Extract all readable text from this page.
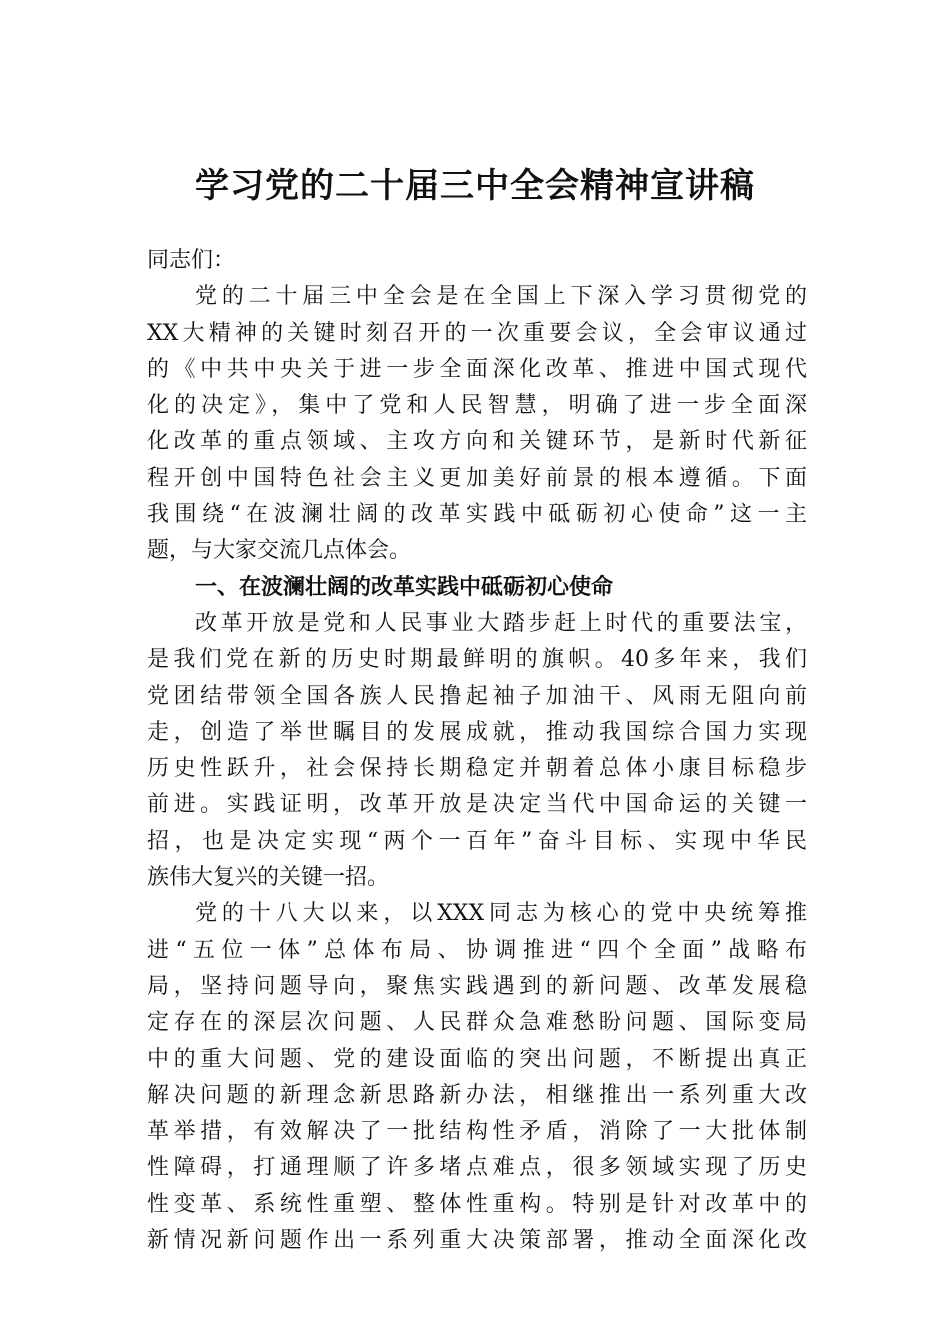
学习党的二十届三中全会精神宣讲稿
同志们：
党的二十届三中全会是在全国上下深入学习贯彻党的
XX大精神的关键时刻召开的一次重要会议，全会审议通过
的《中共中央关于进一步全面深化改革、推进中国式现代
化的决定》，集中了党和人民智慧，明确了进一步全面深
化改革的重点领域、主攻方向和关键环节，是新时代新征
程开创中国特色社会主义更加美好前景的根本遵循。下面
我围绕“在波澜壮阔的改革实践中砥砺初心使命”这一主
题，与大家交流几点体会。
一、在波澜壮阔的改革实践中砥砺初心使命
改革开放是党和人民事业大踏步赶上时代的重要法宝，
是我们党在新的历史时期最鲜明的旗帜。40多年来，我们
党团结带领全国各族人民撸起袖子加油干、风雨无阻向前
走，创造了举世瞩目的发展成就，推动我国综合国力实现
历史性跃升，社会保持长期稳定并朝着总体小康目标稳步
前进。实践证明，改革开放是决定当代中国命运的关键一
招，也是决定实现“两个一百年”奋斗目标、实现中华民
族伟大复兴的关键一招。
党的十八大以来，以XXX同志为核心的党中央统筹推
进“五位一体”总体布局、协调推进“四个全面”战略布
局，坚持问题导向，聚焦实践遇到的新问题、改革发展稳
定存在的深层次问题、人民群众急难愁盼问题、国际变局
中的重大问题、党的建设面临的突出问题，不断提出真正
解决问题的新理念新思路新办法，相继推出一系列重大改
革举措，有效解决了一批结构性矛盾，消除了一大批体制
性障碍，打通理顺了许多堵点难点，很多领域实现了历史
性变革、系统性重塑、整体性重构。特别是针对改革中的
新情况新问题作出一系列重大决策部署，推动全面深化改
